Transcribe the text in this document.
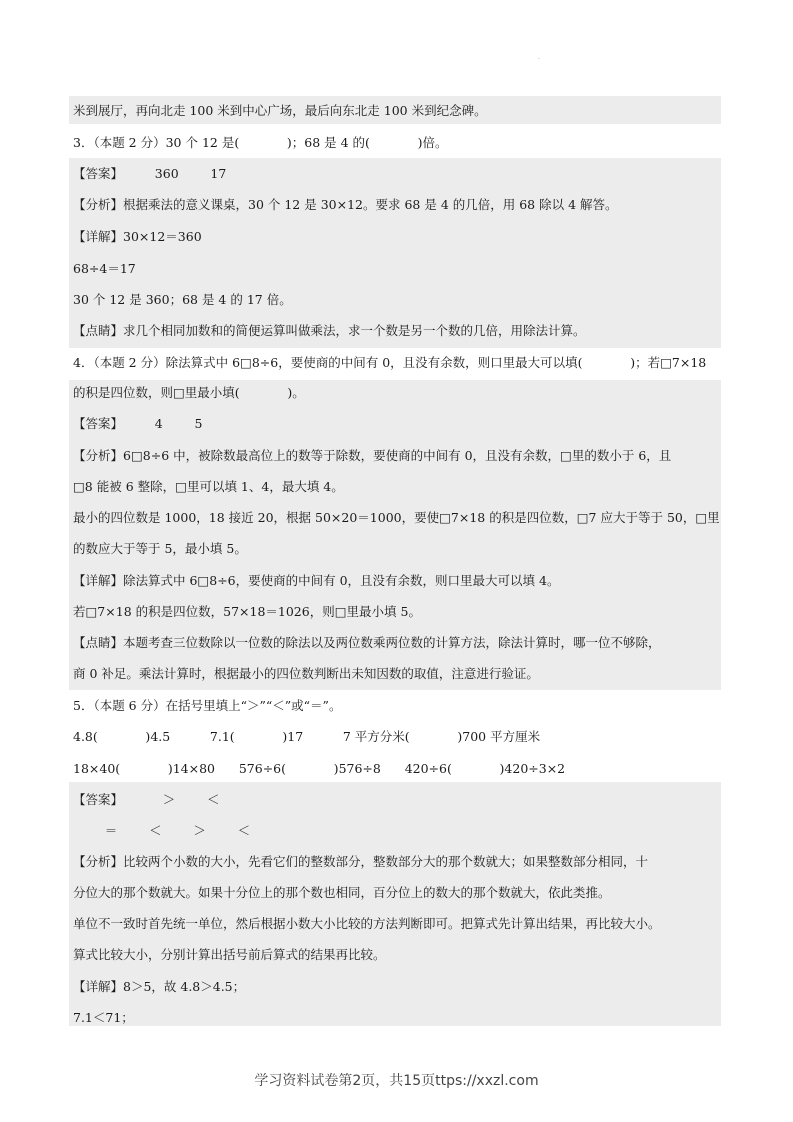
·
米到展厅，再向北走 100 米到中心广场，最后向东北走 100 米到纪念碑。
3．（本题 2 分）30 个 12 是(            )；68 是 4 的(            )倍。
【答案】        360        17
【分析】根据乘法的意义课桌，30 个 12 是 30×12。要求 68 是 4 的几倍，用 68 除以 4 解答。
【详解】30×12＝360
68÷4＝17
30 个 12 是 360；68 是 4 的 17 倍。
【点睛】求几个相同加数和的简便运算叫做乘法，求一个数是另一个数的几倍，用除法计算。
4．（本题 2 分）除法算式中 6□8÷6，要使商的中间有 0，且没有余数，则口里最大可以填(            )；若□7×18
的积是四位数，则□里最小填(            )。
【答案】        4        5
【分析】6□8÷6 中，被除数最高位上的数等于除数，要使商的中间有 0，且没有余数，□里的数小于 6，且
□8 能被 6 整除，□里可以填 1、4，最大填 4。
最小的四位数是 1000，18 接近 20，根据 50×20＝1000，要使□7×18 的积是四位数，□7 应大于等于 50，□里
的数应大于等于 5，最小填 5。
【详解】除法算式中 6□8÷6，要使商的中间有 0，且没有余数，则口里最大可以填 4。
若□7×18 的积是四位数，57×18＝1026，则□里最小填 5。
【点睛】本题考查三位数除以一位数的除法以及两位数乘两位数的计算方法，除法计算时，哪一位不够除，
商 0 补足。乘法计算时，根据最小的四位数判断出未知因数的取值，注意进行验证。
5．（本题 6 分）在括号里填上“＞”“＜”或“＝”。
4.8(            )4.5          7.1(            )17          7 平方分米(            )700 平方厘米
18×40(            )14×80      576÷6(            )576÷8      420÷6(            )420÷3×2
【答案】          ＞        ＜
＝        ＜        ＞        ＜
【分析】比较两个小数的大小，先看它们的整数部分，整数部分大的那个数就大；如果整数部分相同，十
分位大的那个数就大。如果十分位上的那个数也相同，百分位上的数大的那个数就大，依此类推。
单位不一致时首先统一单位，然后根据小数大小比较的方法判断即可。把算式先计算出结果，再比较大小。
算式比较大小，分别计算出括号前后算式的结果再比较。
【详解】8＞5，故 4.8＞4.5；
7.1＜71；
学习资料试卷第2页，共15页ttps://xxzl.com
